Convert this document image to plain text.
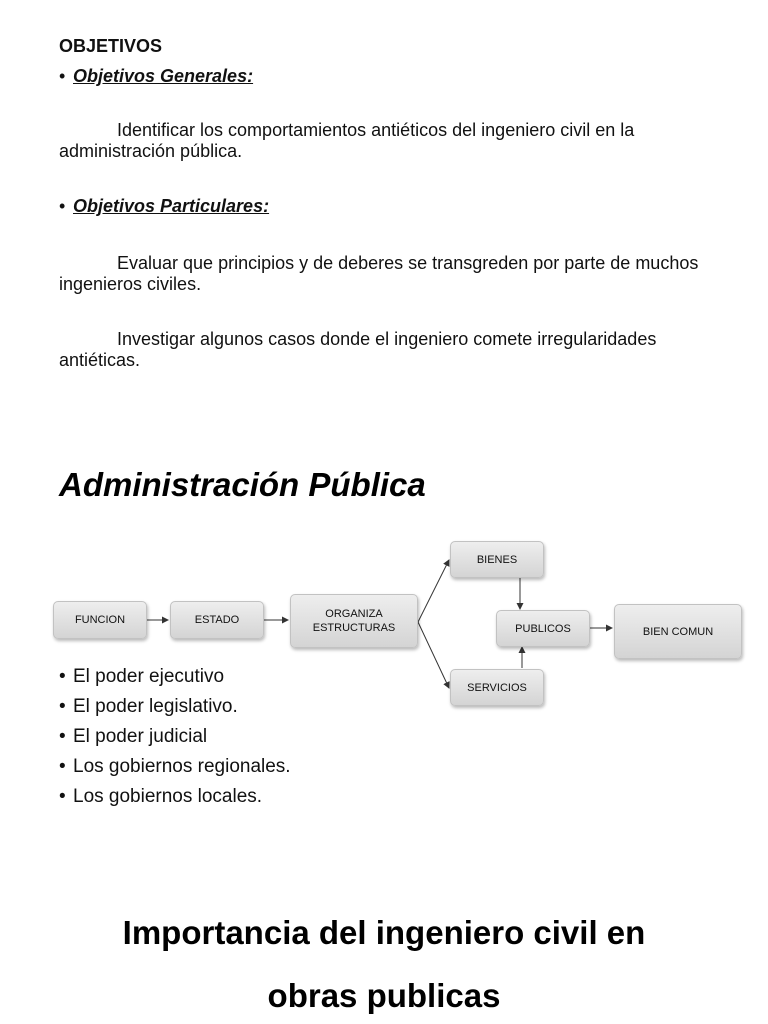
OBJETIVOS
• Objetivos Generales:
Identificar los comportamientos antiéticos del ingeniero civil en la administración pública.
• Objetivos Particulares:
Evaluar que principios y de deberes se transgreden por parte de muchos ingenieros civiles.
Investigar algunos casos donde el ingeniero comete irregularidades antiéticas.
Administración Pública
FUNCION	ESTADO	ORGANIZA
ESTRUCTURAS
BIENES
PUBLICOS
SERVICIOS
BIEN COMUN
• El poder ejecutivo
• El poder legislativo.
• El poder judicial
• Los gobiernos regionales.
• Los gobiernos locales.
Importancia del ingeniero civil en
obras publicas
